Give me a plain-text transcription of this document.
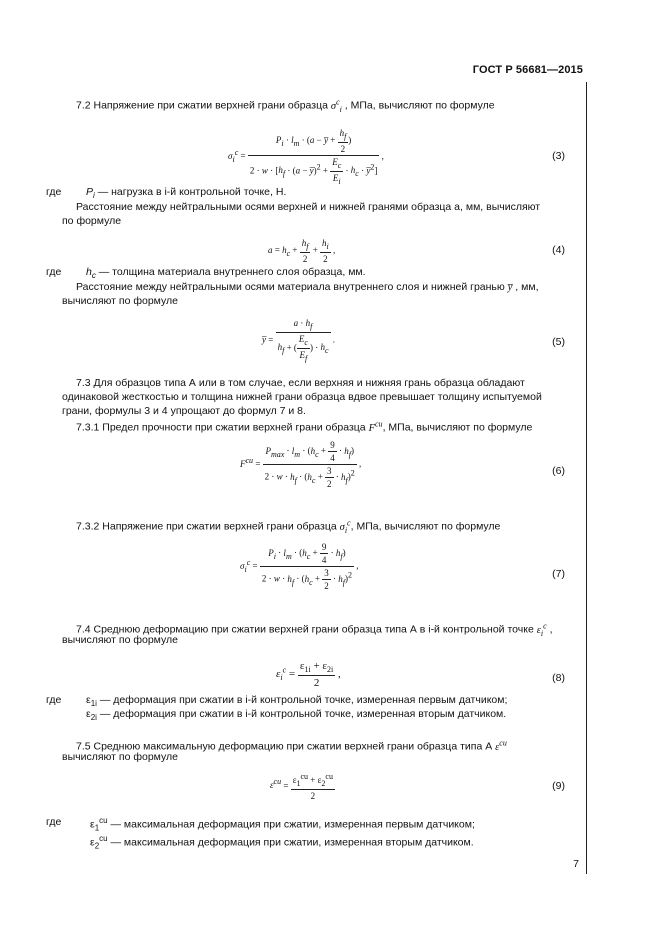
ГОСТ Р 56681—2015
7.2 Напряжение при сжатии верхней грани образца $\sigma^c_i$ , МПа, вычисляют по формуле
$\sigma_i^c = \frac{P_i \cdot l_m \cdot (a - y̅ + \frac{h_f}{2} )}{2 \cdot w \cdot [h_f \cdot (a - y̅)^2 + \frac{E_c}{E_i} \cdot h_c \cdot y̅^2]}$ ,	(3)
где $P_i$ — нагрузка в i-й контрольной точке, Н.
Расстояние между нейтральными осями верхней и нижней гранями образца a, мм, вычисляют
по формуле
$a = h_c + \frac{h_f}{2} + \frac{h_i}{2}$ ,	(4)
где $h_c$ — толщина материала внутреннего слоя образца, мм.
Расстояние между нейтральными осями материала внутреннего слоя и нижней гранью y̅ , мм,
вычисляют по формуле
y̅ = $\frac{a \cdot h_f}{h_f + ( \frac{E_c}{E_f} ) \cdot h_c}$ .	(5)
7.3 Для образцов типа А или в том случае, если верхняя и нижняя грань образца обладают
одинаковой жесткостью и толщина нижней грани образца вдвое превышает толщину испытуемой
грани, формулы 3 и 4 упрощают до формул 7 и 8.
7.3.1 Предел прочности при сжатии верхней грани образца $F^{cu}$, МПа, вычисляют по формуле
$F^{cu} = \frac{P_{max} \cdot l_m \cdot (h_c + \frac{9}{4} \cdot h_f)}{2 \cdot w \cdot h_f \cdot (h_c + \frac{3}{2} \cdot h_f)^2}$ ,
(6)
7.3.2 Напряжение при сжатии верхней грани образца $\sigma_i^c$, МПа, вычисляют по формуле
$\sigma_i^c = \frac{P_i \cdot l_m \cdot (h_c + \frac{9}{4} \cdot h_f)}{2 \cdot w \cdot h_f \cdot (h_c + \frac{3}{2} \cdot h_f)^2}$ ,
(7)
7.4 Среднюю деформацию при сжатии верхней грани образца типа А в i-й контрольной точке $\varepsilon_i^c$ ,
вычисляют по формуле
$\varepsilon_i^c = \frac{\varepsilon_{1i} + \varepsilon_{2i}}{2}$ ,	(8)
где $\varepsilon_{1i}$ — деформация при сжатии в i-й контрольной точке, измеренная первым датчиком;
$\varepsilon_{2i}$ — деформация при сжатии в i-й контрольной точке, измеренная вторым датчиком.
7.5 Среднюю максимальную деформацию при сжатии верхней грани образца типа А $\varepsilon^{cu}$
вычисляют по формуле
$\varepsilon^{cu} = \frac{\varepsilon_1^{cu} + \varepsilon_2^{cu}}{2}$	(9)
где	$\varepsilon_1^{cu}$ — максимальная деформация при сжатии, измеренная первым датчиком;
$\varepsilon_2^{cu}$ — максимальная деформация при сжатии, измеренная вторым датчиком.
7
